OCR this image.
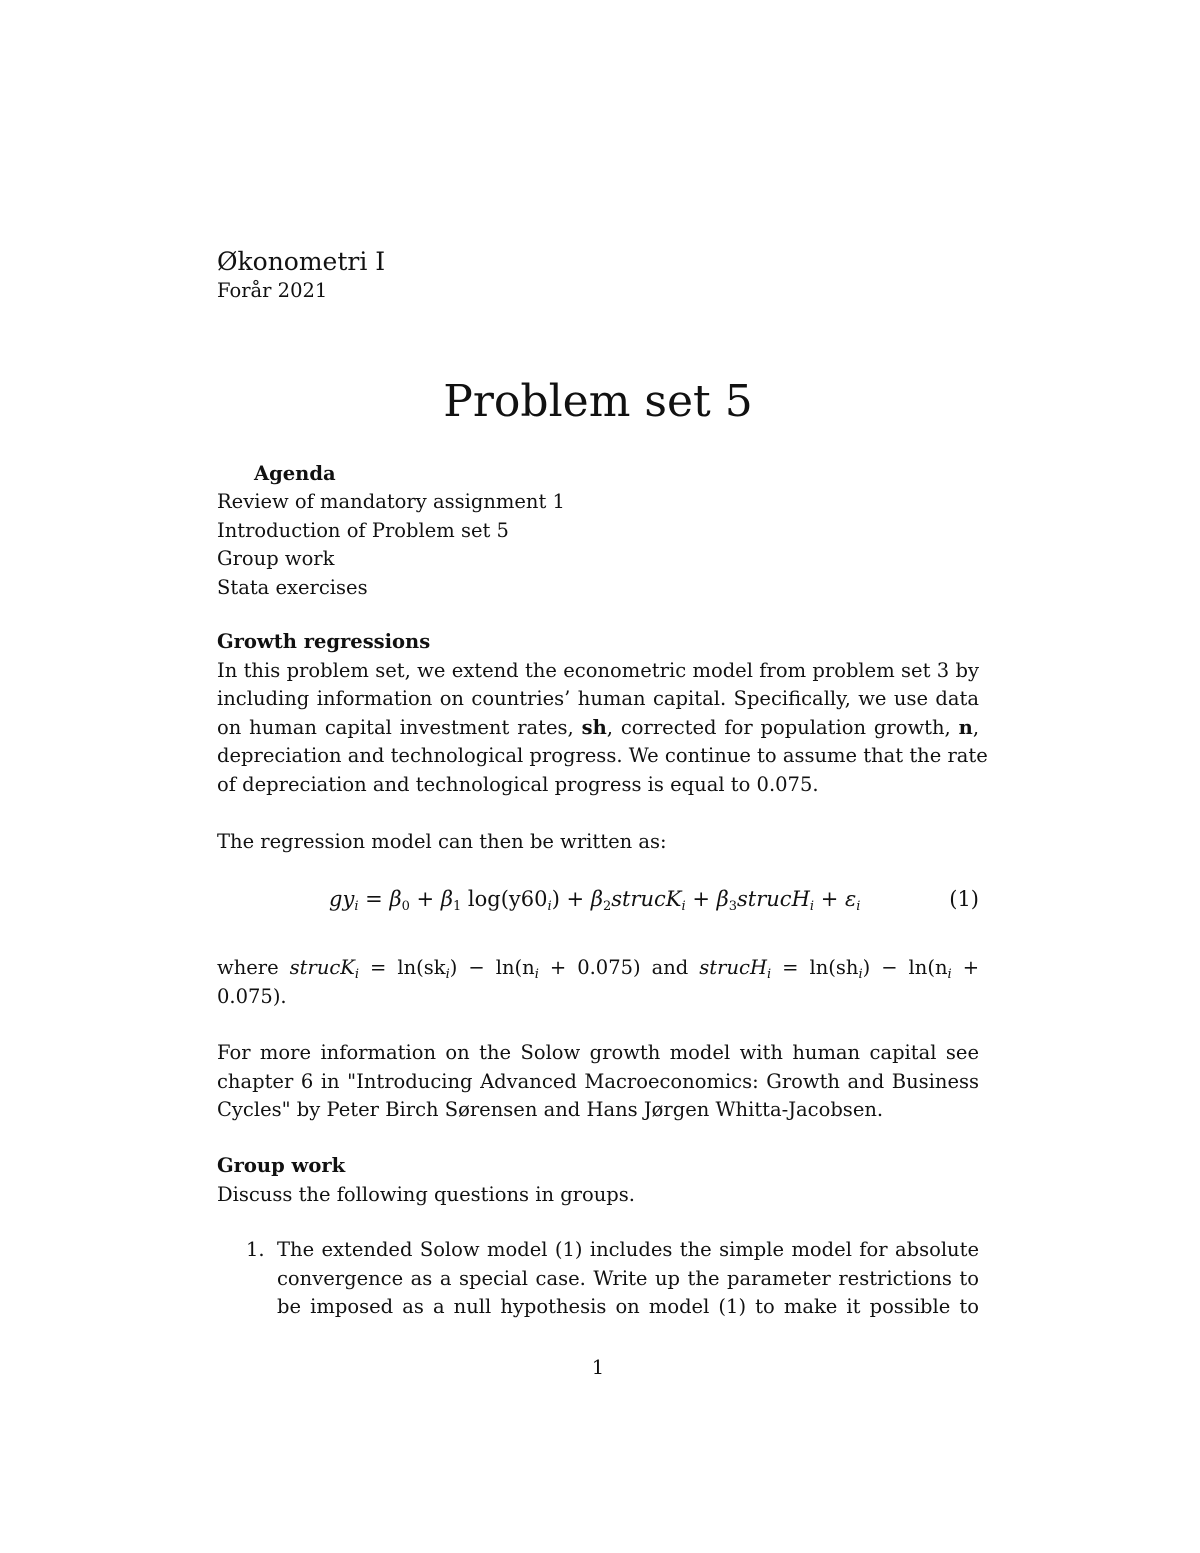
Økonometri I
Forår 2021
Problem set 5
Agenda
Review of mandatory assignment 1
Introduction of Problem set 5
Group work
Stata exercises
Growth regressions
In this problem set, we extend the econometric model from problem set 3 by
including information on countries’ human capital. Specifically, we use data
on human capital investment rates, sh, corrected for population growth, n,
depreciation and technological progress. We continue to assume that the rate
of depreciation and technological progress is equal to 0.075.
The regression model can then be written as:
$gy_i = \beta_0 + \beta_1$ $\log(y60_i)$ + $\beta_2strucK_i$ + $\beta_3strucH_i + \varepsilon_i$	(1)
where strucK$_i$ = $\ln(sk_i) - \ln(n_i + 0.075)$ and strucH$_i$ = $\ln(sh_i) - \ln(n_i$ +
0.075).
For more information on the Solow growth model with human capital see
chapter 6 in "Introducing Advanced Macroeconomics: Growth and Business
Cycles" by Peter Birch Sørensen and Hans Jørgen Whitta-Jacobsen.
Group work
Discuss the following questions in groups.
1. The extended Solow model (1) includes the simple model for absolute
convergence as a special case. Write up the parameter restrictions to
be imposed as a null hypothesis on model (1) to make it possible to
1
